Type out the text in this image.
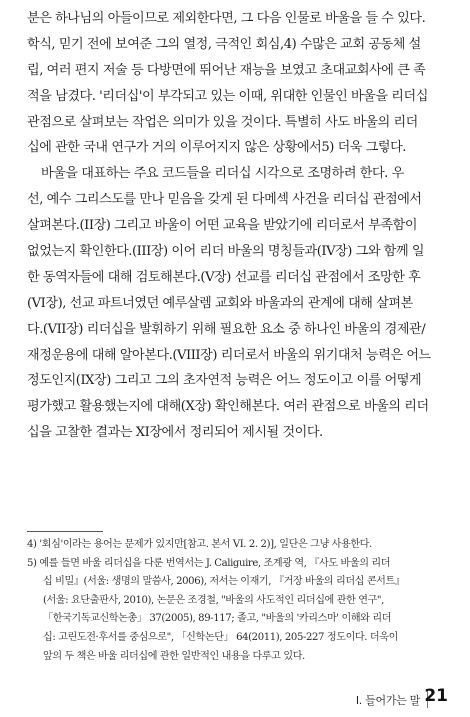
분은 하나님의 아들이므로 제외한다면, 그 다음 인물로 바울을 들 수 있다.
학식, 믿기 전에 보여준 그의 열정, 극적인 회심,4) 수많은 교회 공동체 설
립, 여러 편지 저술 등 다방면에 뛰어난 재능을 보였고 초대교회사에 큰 족
적을 남겼다. '리더십'이 부각되고 있는 이때, 위대한 인물인 바울을 리더십
관점으로 살펴보는 작업은 의미가 있을 것이다. 특별히 사도 바울의 리더
십에 관한 국내 연구가 거의 이루어지지 않은 상황에서5) 더욱 그렇다.
바울을 대표하는 주요 코드들을 리더십 시각으로 조명하려 한다. 우
선, 예수 그리스도를 만나 믿음을 갖게 된 다메섹 사건을 리더십 관점에서
살펴본다.(II장) 그리고 바울이 어떤 교육을 받았기에 리더로서 부족함이
없었는지 확인한다.(III장) 이어 리더 바울의 명칭들과(IV장) 그와 함께 일
한 동역자들에 대해 검토해본다.(V장) 선교를 리더십 관점에서 조망한 후
(VI장), 선교 파트너였던 예루살렘 교회와 바울과의 관계에 대해 살펴본
다.(VII장) 리더십을 발휘하기 위해 필요한 요소 중 하나인 바울의 경제관/
재정운용에 대해 알아본다.(VIII장) 리더로서 바울의 위기대처 능력은 어느
정도인지(IX장) 그리고 그의 초자연적 능력은 어느 정도이고 이를 어떻게
평가했고 활용했는지에 대해(X장) 확인해본다. 여러 관점으로 바울의 리더
십을 고찰한 결과는 XI장에서 정리되어 제시될 것이다.
4) '회심'이라는 용어는 문제가 있지만[참고. 본서 VI. 2. 2)], 일단은 그냥 사용한다.
5) 예를 들면 바울 리더십을 다룬 번역서는 J. Caliguire, 조계광 역, 『사도 바울의 리더
십 비밀』(서울: 생명의 말씀사, 2006), 저서는 이재기, 『거장 바울의 리더십 콘서트』
(서울: 요단출판사, 2010), 논문은 조경철, "바울의 사도적인 리더십에 관한 연구",
「한국기독교신학논총」 37(2005), 89-117; 졸고, "바울의 '카리스마' 이해와 리더
십: 고린도전·후서를 중심으로", 「신학논단」 64(2011), 205-227 정도이다. 더욱이
앞의 두 책은 바울 리더십에 관한 일반적인 내용을 다루고 있다.
I. 들어가는 말 21
